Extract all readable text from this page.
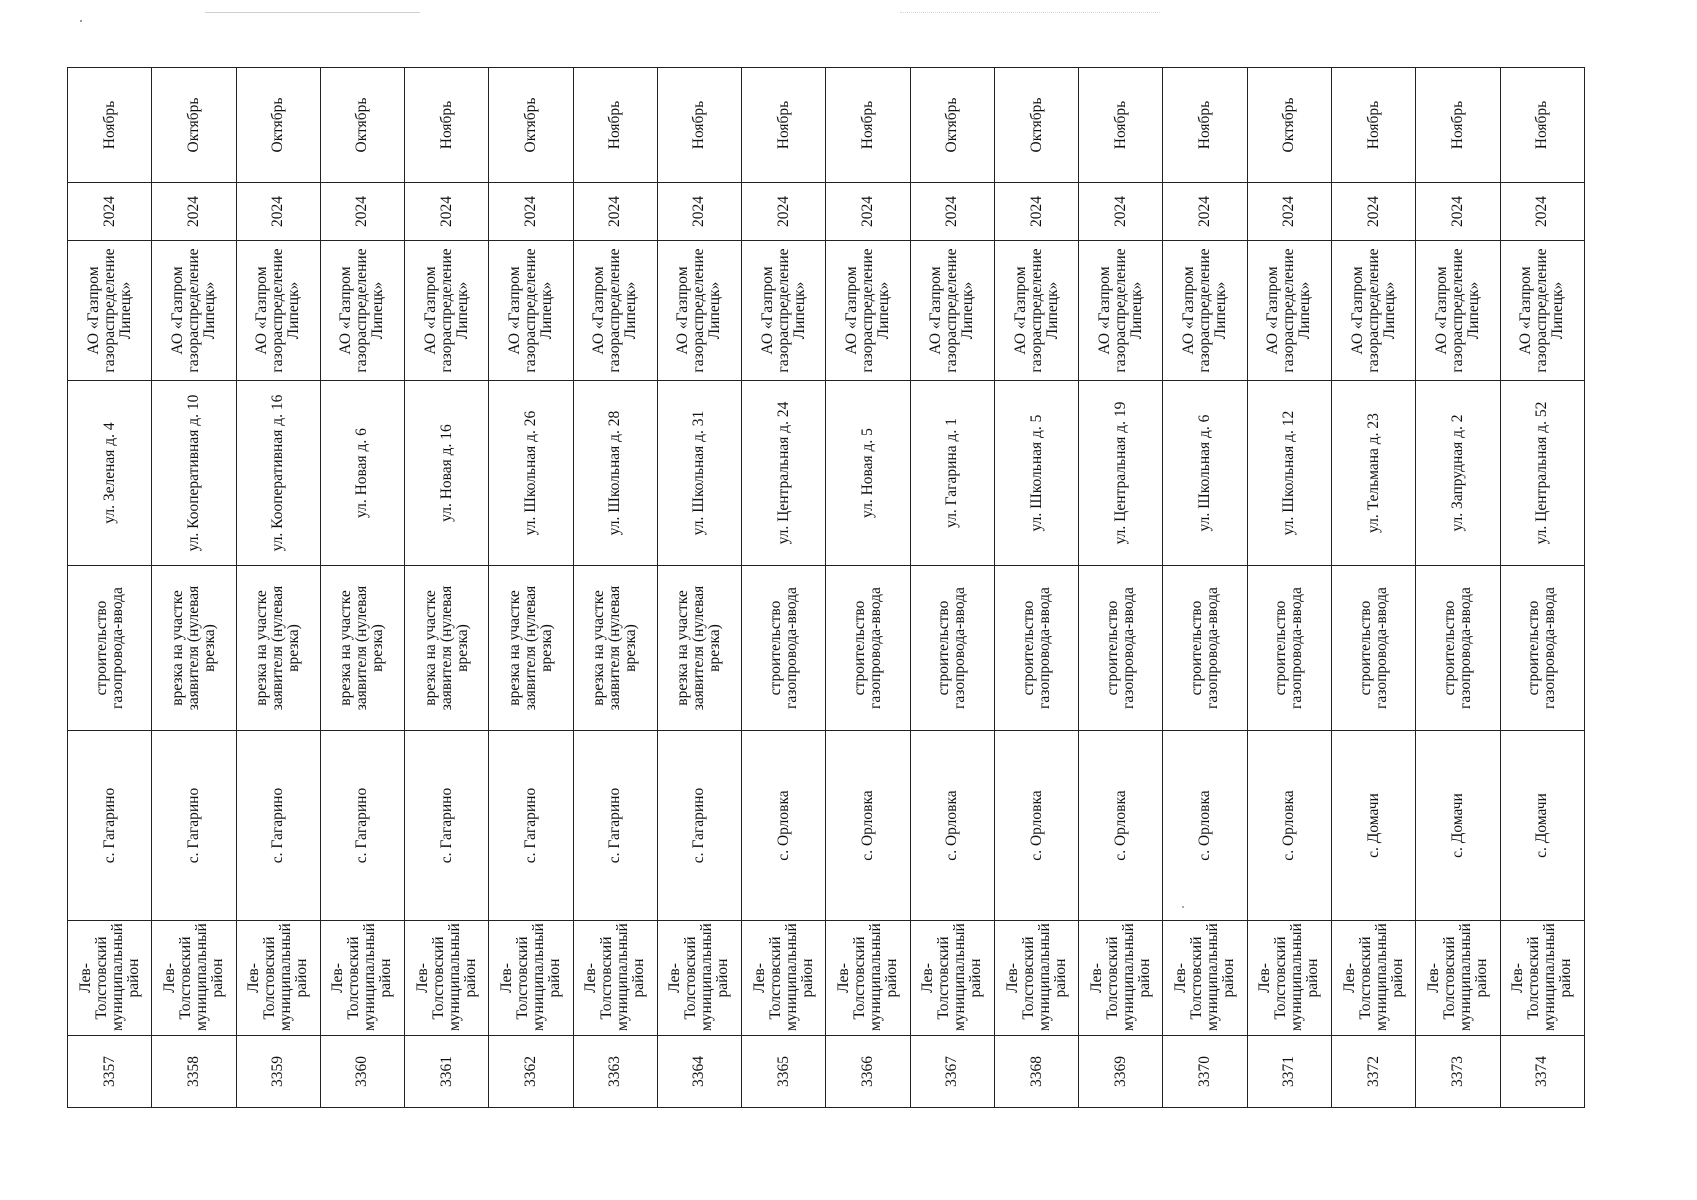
3357	Лев-Толстовский муниципальный район	с. Гагарино	строительство газопровода-ввода	ул. Зеленая д. 4	АО «Газпром газораспределение Липецк»	2024	Ноябрь
3358	Лев-Толстовский муниципальный район	с. Гагарино	врезка на участке заявителя (нулевая врезка)	ул. Кооперативная д. 10	АО «Газпром газораспределение Липецк»	2024	Октябрь
3359	Лев-Толстовский муниципальный район	с. Гагарино	врезка на участке заявителя (нулевая врезка)	ул. Кооперативная д. 16	АО «Газпром газораспределение Липецк»	2024	Октябрь
3360	Лев-Толстовский муниципальный район	с. Гагарино	врезка на участке заявителя (нулевая врезка)	ул. Новая д. 6	АО «Газпром газораспределение Липецк»	2024	Октябрь
3361	Лев-Толстовский муниципальный район	с. Гагарино	врезка на участке заявителя (нулевая врезка)	ул. Новая д. 16	АО «Газпром газораспределение Липецк»	2024	Ноябрь
3362	Лев-Толстовский муниципальный район	с. Гагарино	врезка на участке заявителя (нулевая врезка)	ул. Школьная д. 26	АО «Газпром газораспределение Липецк»	2024	Октябрь
3363	Лев-Толстовский муниципальный район	с. Гагарино	врезка на участке заявителя (нулевая врезка)	ул. Школьная д. 28	АО «Газпром газораспределение Липецк»	2024	Ноябрь
3364	Лев-Толстовский муниципальный район	с. Гагарино	врезка на участке заявителя (нулевая врезка)	ул. Школьная д. 31	АО «Газпром газораспределение Липецк»	2024	Ноябрь
3365	Лев-Толстовский муниципальный район	с. Орловка	строительство газопровода-ввода	ул. Центральная д. 24	АО «Газпром газораспределение Липецк»	2024	Ноябрь
3366	Лев-Толстовский муниципальный район	с. Орловка	строительство газопровода-ввода	ул. Новая д. 5	АО «Газпром газораспределение Липецк»	2024	Ноябрь
3367	Лев-Толстовский муниципальный район	с. Орловка	строительство газопровода-ввода	ул. Гагарина д. 1	АО «Газпром газораспределение Липецк»	2024	Октябрь
3368	Лев-Толстовский муниципальный район	с. Орловка	строительство газопровода-ввода	ул. Школьная д. 5	АО «Газпром газораспределение Липецк»	2024	Октябрь
3369	Лев-Толстовский муниципальный район	с. Орловка	строительство газопровода-ввода	ул. Центральная д. 19	АО «Газпром газораспределение Липецк»	2024	Ноябрь
3370	Лев-Толстовский муниципальный район	с. Орловка	строительство газопровода-ввода	ул. Школьная д. 6	АО «Газпром газораспределение Липецк»	2024	Ноябрь
3371	Лев-Толстовский муниципальный район	с. Орловка	строительство газопровода-ввода	ул. Школьная д. 12	АО «Газпром газораспределение Липецк»	2024	Октябрь
3372	Лев-Толстовский муниципальный район	с. Домачи	строительство газопровода-ввода	ул. Тельмана д. 23	АО «Газпром газораспределение Липецк»	2024	Ноябрь
3373	Лев-Толстовский муниципальный район	с. Домачи	строительство газопровода-ввода	ул. Запрудная д. 2	АО «Газпром газораспределение Липецк»	2024	Ноябрь
3374	Лев-Толстовский муниципальный район	с. Домачи	строительство газопровода-ввода	ул. Центральная д. 52	АО «Газпром газораспределение Липецк»	2024	Ноябрь
